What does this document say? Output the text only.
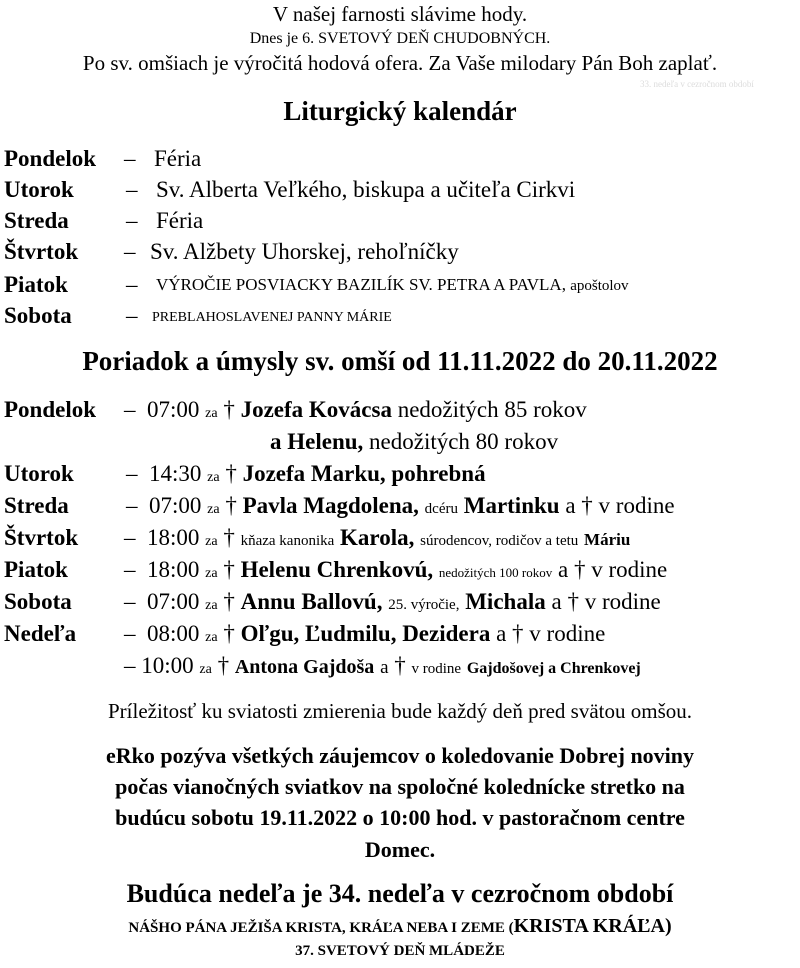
V našej farnosti slávime hody.
Dnes je 6. SVETOVÝ DEŇ CHUDOBNÝCH.
Po sv. omšiach je výročitá hodová ofera. Za Vaše milodary Pán Boh zaplať.
33. nedeľa v cezročnom období
Liturgický kalendár
Pondelok – Féria
Utorok – Sv. Alberta Veľkého, biskupa a učiteľa Cirkvi
Streda – Féria
Štvrtok – Sv. Alžbety Uhorskej, rehoľníčky
Piatok	– VÝROČIE POSVIACKY BAZILÍK SV. PETRA A PAVLA, apoštolov
Sobota – PREBLAHOSLAVENEJ PANNY MÁRIE
Poriadok a úmysly sv. omší od 11.11.2022 do 20.11.2022
Pondelok – 07:00 za † Jozefa Kovácsa nedožitých 85 rokov
a Helenu, nedožitých 80 rokov
Utorok – 14:30 za † Jozefa Marku, pohrebná
Streda – 07:00 za † Pavla Magdolena, dcéru Martinku a † v rodine
Štvrtok – 18:00 za † kňaza kanonika Karola, súrodencov, rodičov a tetu Máriu
Piatok – 18:00 za † Helenu Chrenkovú, nedožitých 100 rokov a † v rodine
Sobota – 07:00 za † Annu Ballovú, 25. výročie, Michala a † v rodine
Nedeľa – 08:00 za † Oľgu, Ľudmilu, Dezidera a † v rodine
– 10:00 za † Antona Gajdoša a † v rodine Gajdošovej a Chrenkovej
Príležitosť ku sviatosti zmierenia bude každý deň pred svätou omšou.
eRko pozýva všetkých záujemcov o koledovanie Dobrej noviny
počas vianočných sviatkov na spoločné kolednícke stretko na
budúcu sobotu 19.11.2022 o 10:00 hod. v pastoračnom centre
Domec.
Budúca nedeľa je 34. nedeľa v cezročnom období
NÁŠHO PÁNA JEŽIŠA KRISTA, KRÁĽA NEBA I ZEME (KRISTA KRÁĽA)
37. SVETOVÝ DEŇ MLÁDEŽE
